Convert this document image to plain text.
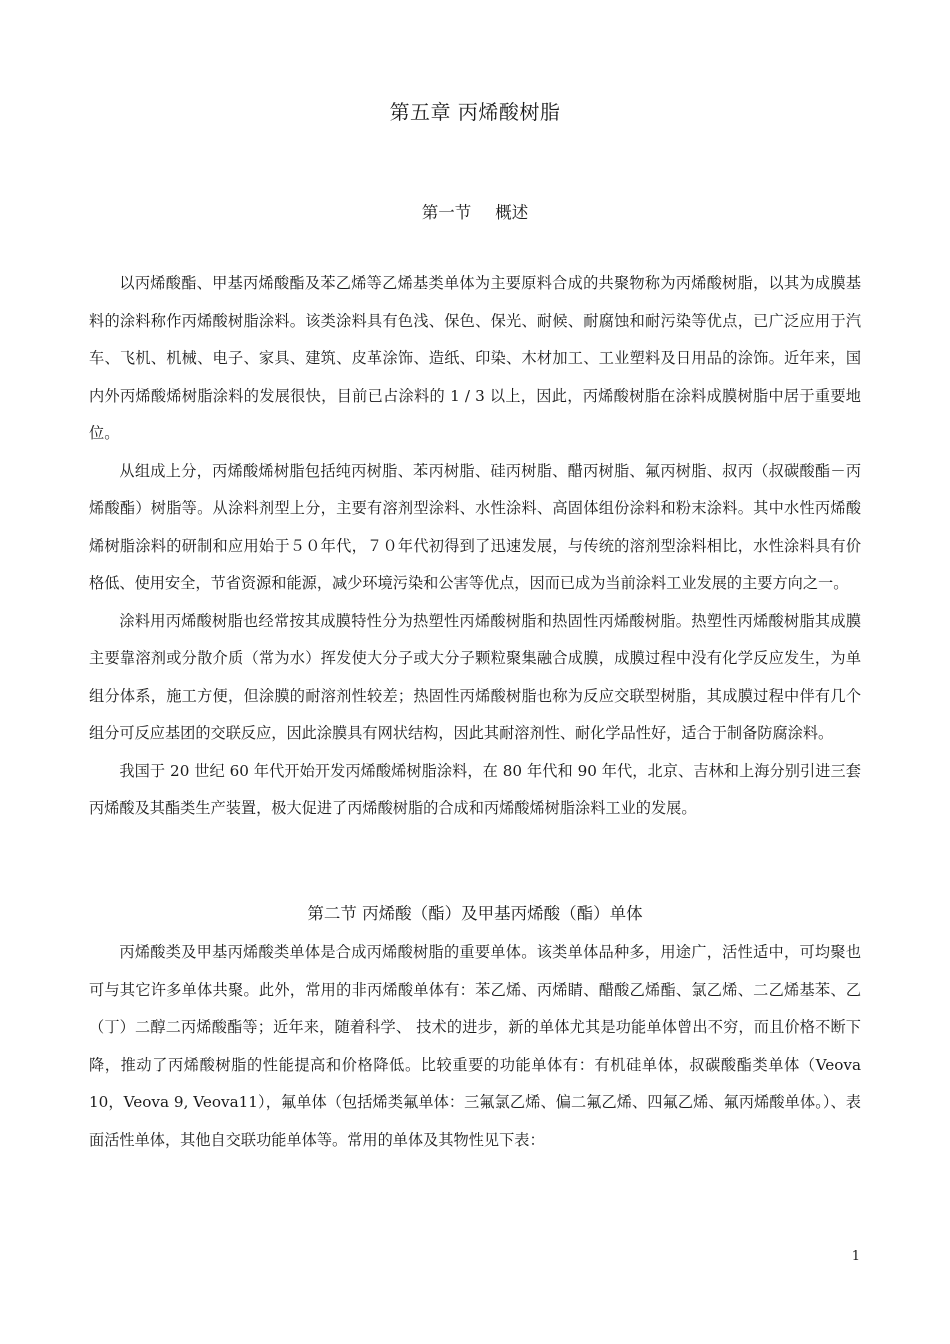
第五章 丙烯酸树脂
第一节 概述

以丙烯酸酯、甲基丙烯酸酯及苯乙烯等乙烯基类单体为主要原料合成的共聚物称为丙烯酸树脂，以其为成膜基料的涂料称作丙烯酸树脂涂料。该类涂料具有色浅、保色、保光、耐候、耐腐蚀和耐污染等优点，已广泛应用于汽车、飞机、机械、电子、家具、建筑、皮革涂饰、造纸、印染、木材加工、工业塑料及日用品的涂饰。近年来，国内外丙烯酸烯树脂涂料的发展很快，目前已占涂料的 1 / 3 以上，因此，丙烯酸树脂在涂料成膜树脂中居于重要地位。

从组成上分，丙烯酸烯树脂包括纯丙树脂、苯丙树脂、硅丙树脂、醋丙树脂、氟丙树脂、叔丙（叔碳酸酯－丙烯酸酯）树脂等。从涂料剂型上分，主要有溶剂型涂料、水性涂料、高固体组份涂料和粉末涂料。其中水性丙烯酸烯树脂涂料的研制和应用始于５０年代，７０年代初得到了迅速发展，与传统的溶剂型涂料相比，水性涂料具有价格低、使用安全，节省资源和能源，减少环境污染和公害等优点，因而已成为当前涂料工业发展的主要方向之一。

涂料用丙烯酸树脂也经常按其成膜特性分为热塑性丙烯酸树脂和热固性丙烯酸树脂。热塑性丙烯酸树脂其成膜主要靠溶剂或分散介质（常为水）挥发使大分子或大分子颗粒聚集融合成膜，成膜过程中没有化学反应发生，为单组分体系，施工方便，但涂膜的耐溶剂性较差；热固性丙烯酸树脂也称为反应交联型树脂，其成膜过程中伴有几个组分可反应基团的交联反应，因此涂膜具有网状结构，因此其耐溶剂性、耐化学品性好，适合于制备防腐涂料。

我国于 20 世纪 60 年代开始开发丙烯酸烯树脂涂料，在 80 年代和 90 年代，北京、吉林和上海分别引进三套丙烯酸及其酯类生产装置，极大促进了丙烯酸树脂的合成和丙烯酸烯树脂涂料工业的发展。

第二节 丙烯酸（酯）及甲基丙烯酸（酯）单体

丙烯酸类及甲基丙烯酸类单体是合成丙烯酸树脂的重要单体。该类单体品种多，用途广，活性适中，可均聚也可与其它许多单体共聚。此外，常用的非丙烯酸单体有：苯乙烯、丙烯睛、醋酸乙烯酯、氯乙烯、二乙烯基苯、乙（丁）二醇二丙烯酸酯等；近年来，随着科学、 技术的进步，新的单体尤其是功能单体曾出不穷，而且价格不断下降，推动了丙烯酸树脂的性能提高和价格降低。比较重要的功能单体有：有机硅单体，叔碳酸酯类单体（Veova 10，Veova 9, Veova11），氟单体（包括烯类氟单体：三氟氯乙烯、偏二氟乙烯、四氟乙烯、氟丙烯酸单体。）、表面活性单体，其他自交联功能单体等。常用的单体及其物性见下表：

1
